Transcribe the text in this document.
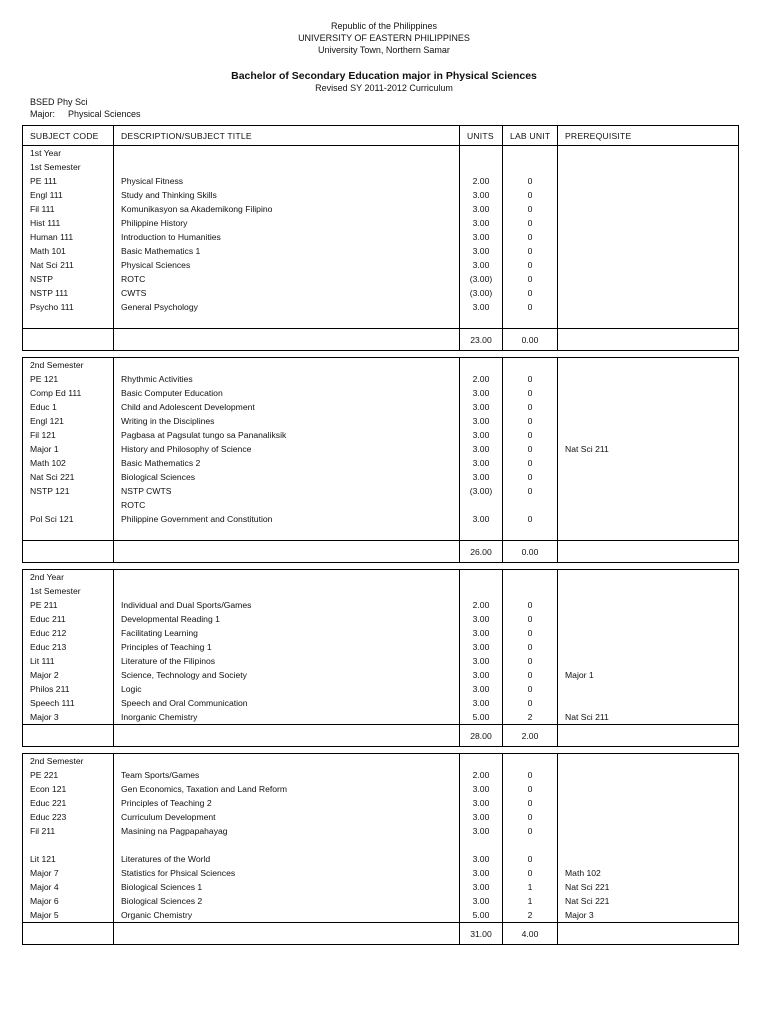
Republic of the Philippines
UNIVERSITY OF EASTERN PHILIPPINES
University Town, Northern Samar
Bachelor of Secondary Education major in Physical Sciences
Revised SY 2011-2012 Curriculum
BSED Phy Sci
Major: Physical Sciences
SUBJECT CODE	DESCRIPTION/SUBJECT TITLE	UNITS	LAB UNIT	PREREQUISITE
1st Year				
1st Semester				
PE 111	Physical Fitness	2.00	0	
Engl 111	Study and Thinking Skills	3.00	0	
Fil 111	Komunikasyon sa Akademikong Filipino	3.00	0	
Hist 111	Philippine History	3.00	0	
Human 111	Introduction to Humanities	3.00	0	
Math 101	Basic Mathematics 1	3.00	0	
Nat Sci 211	Physical Sciences	3.00	0	
NSTP	ROTC	(3.00)	0	
NSTP 111	CWTS	(3.00)	0	
Psycho 111	General Psychology	3.00	0	

		23.00	0.00	

2nd Semester				
PE 121	Rhythmic Activities	2.00	0	
Comp Ed 111	Basic Computer Education	3.00	0	
Educ 1	Child and Adolescent Development	3.00	0	
Engl 121	Writing in the Disciplines	3.00	0	
Fil 121	Pagbasa at Pagsulat tungo sa Pananaliksik	3.00	0	
Major 1	History and Philosophy of Science	3.00	0	Nat Sci 211
Math 102	Basic Mathematics 2	3.00	0	
Nat Sci 221	Biological Sciences	3.00	0	
NSTP 121	NSTP CWTS	(3.00)	0	
	ROTC			
Pol Sci 121	Philippine Government and Constitution	3.00	0	

		26.00	0.00	

2nd Year				
1st Semester				
PE 211	Individual and Dual Sports/Games	2.00	0	
Educ 211	Developmental Reading 1	3.00	0	
Educ 212	Facilitating Learning	3.00	0	
Educ 213	Principles of Teaching 1	3.00	0	
Lit 111	Literature of the Filipinos	3.00	0	
Major 2	Science, Technology and Society	3.00	0	Major 1
Philos 211	Logic	3.00	0	
Speech 111	Speech and Oral Communication	3.00	0	
Major 3	Inorganic Chemistry	5.00	2	Nat Sci 211
		28.00	2.00	

2nd Semester				
PE 221	Team Sports/Games	2.00	0	
Econ 121	Gen Economics, Taxation and Land Reform	3.00	0	
Educ 221	Principles of Teaching 2	3.00	0	
Educ 223	Curriculum Development	3.00	0	
Fil 211	Masining na Pagpapahayag	3.00	0	

Lit 121	Literatures of the World	3.00	0	
Major 7	Statistics for Phsical Sciences	3.00	0	Math 102
Major 4	Biological Sciences 1	3.00	1	Nat Sci 221
Major 6	Biological Sciences 2	3.00	1	Nat Sci 221
Major 5	Organic Chemistry	5.00	2	Major 3
		31.00	4.00	
